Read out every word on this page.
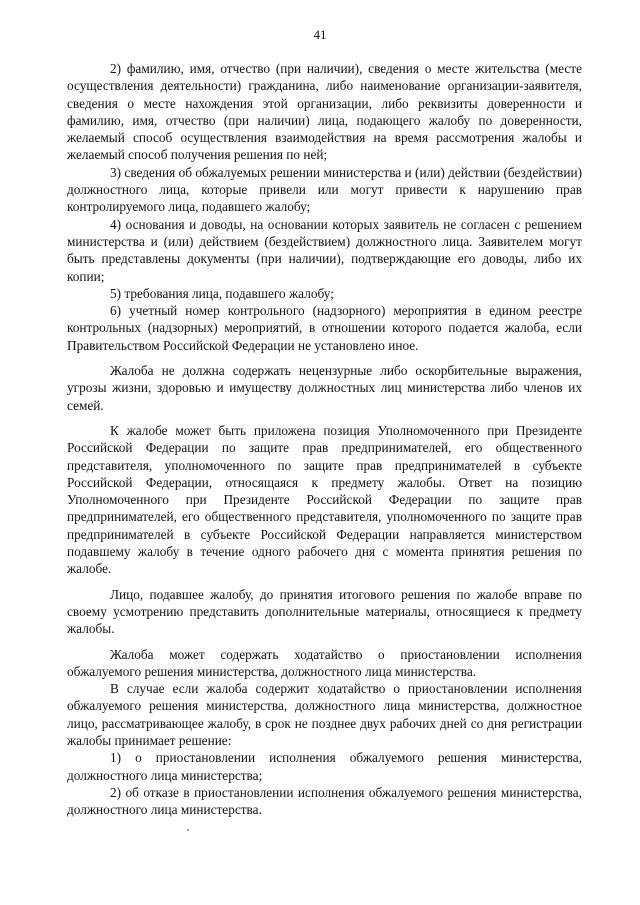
41

2) фамилию, имя, отчество (при наличии), сведения о месте жительства (месте осуществления деятельности) гражданина, либо наименование организации-заявителя, сведения о месте нахождения этой организации, либо реквизиты доверенности и фамилию, имя, отчество (при наличии) лица, подающего жалобу по доверенности, желаемый способ осуществления взаимодействия на время рассмотрения жалобы и желаемый способ получения решения по ней;

3) сведения об обжалуемых решении министерства и (или) действии (бездействии) должностного лица, которые привели или могут привести к нарушению прав контролируемого лица, подавшего жалобу;

4) основания и доводы, на основании которых заявитель не согласен с решением министерства и (или) действием (бездействием) должностного лица. Заявителем могут быть представлены документы (при наличии), подтверждающие его доводы, либо их копии;

5) требования лица, подавшего жалобу;

6) учетный номер контрольного (надзорного) мероприятия в едином реестре контрольных (надзорных) мероприятий, в отношении которого подается жалоба, если Правительством Российской Федерации не установлено иное.

Жалоба не должна содержать нецензурные либо оскорбительные выражения, угрозы жизни, здоровью и имуществу должностных лиц министерства либо членов их семей.

К жалобе может быть приложена позиция Уполномоченного при Президенте Российской Федерации по защите прав предпринимателей, его общественного представителя, уполномоченного по защите прав предпринимателей в субъекте Российской Федерации, относящаяся к предмету жалобы. Ответ на позицию Уполномоченного при Президенте Российской Федерации по защите прав предпринимателей, его общественного представителя, уполномоченного по защите прав предпринимателей в субъекте Российской Федерации направляется министерством подавшему жалобу в течение одного рабочего дня с момента принятия решения по жалобе.

Лицо, подавшее жалобу, до принятия итогового решения по жалобе вправе по своему усмотрению представить дополнительные материалы, относящиеся к предмету жалобы.

Жалоба может содержать ходатайство о приостановлении исполнения обжалуемого решения министерства, должностного лица министерства.

В случае если жалоба содержит ходатайство о приостановлении исполнения обжалуемого решения министерства, должностного лица министерства, должностное лицо, рассматривающее жалобу, в срок не позднее двух рабочих дней со дня регистрации жалобы принимает решение:

1) о приостановлении исполнения обжалуемого решения министерства, должностного лица министерства;

2) об отказе в приостановлении исполнения обжалуемого решения министерства, должностного лица министерства.
